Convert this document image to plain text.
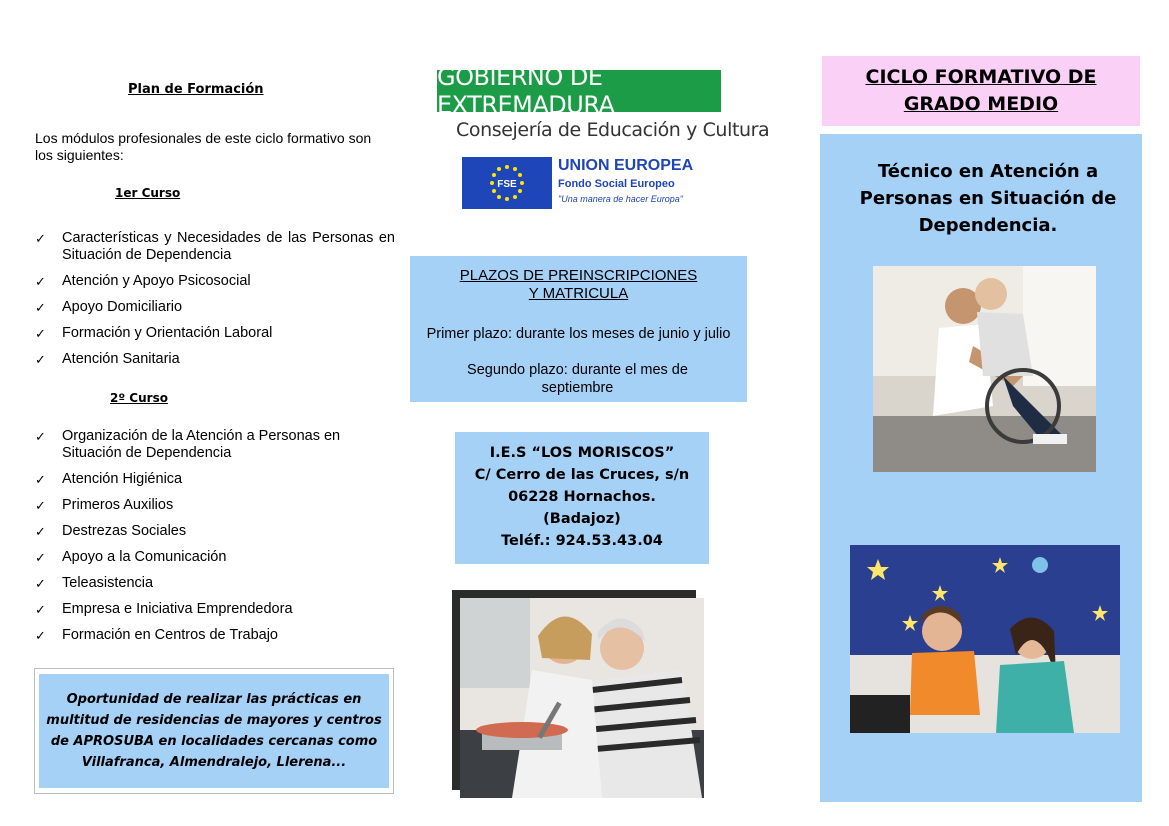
Plan de Formación
Los módulos profesionales de este ciclo formativo son los siguientes:
1er Curso
✓ Características y Necesidades de las Personas en Situación de Dependencia
✓ Atención y Apoyo Psicosocial
✓ Apoyo Domiciliario
✓ Formación y Orientación Laboral
✓ Atención Sanitaria
2º Curso
✓ Organización de la Atención a Personas en Situación de Dependencia
✓ Atención Higiénica
✓ Primeros Auxilios
✓ Destrezas Sociales
✓ Apoyo a la Comunicación
✓ Teleasistencia
✓ Empresa e Iniciativa Emprendedora
✓ Formación en Centros de Trabajo
Oportunidad de realizar las prácticas en multitud de residencias de mayores y centros de APROSUBA en localidades cercanas como Villafranca, Almendralejo, Llerena...
GOBIERNO DE EXTREMADURA
Consejería de Educación y Cultura
FSE
UNION EUROPEA
Fondo Social Europeo
"Una manera de hacer Europa"
PLAZOS DE PREINSCRIPCIONES
Y MATRICULA
Primer plazo: durante los meses de junio y julio
Segundo plazo: durante el mes de septiembre
I.E.S “LOS MORISCOS”
C/ Cerro de las Cruces, s/n
06228 Hornachos.
(Badajoz)
Teléf.: 924.53.43.04
CICLO FORMATIVO DE
GRADO MEDIO
Técnico en Atención a Personas en Situación de Dependencia.
